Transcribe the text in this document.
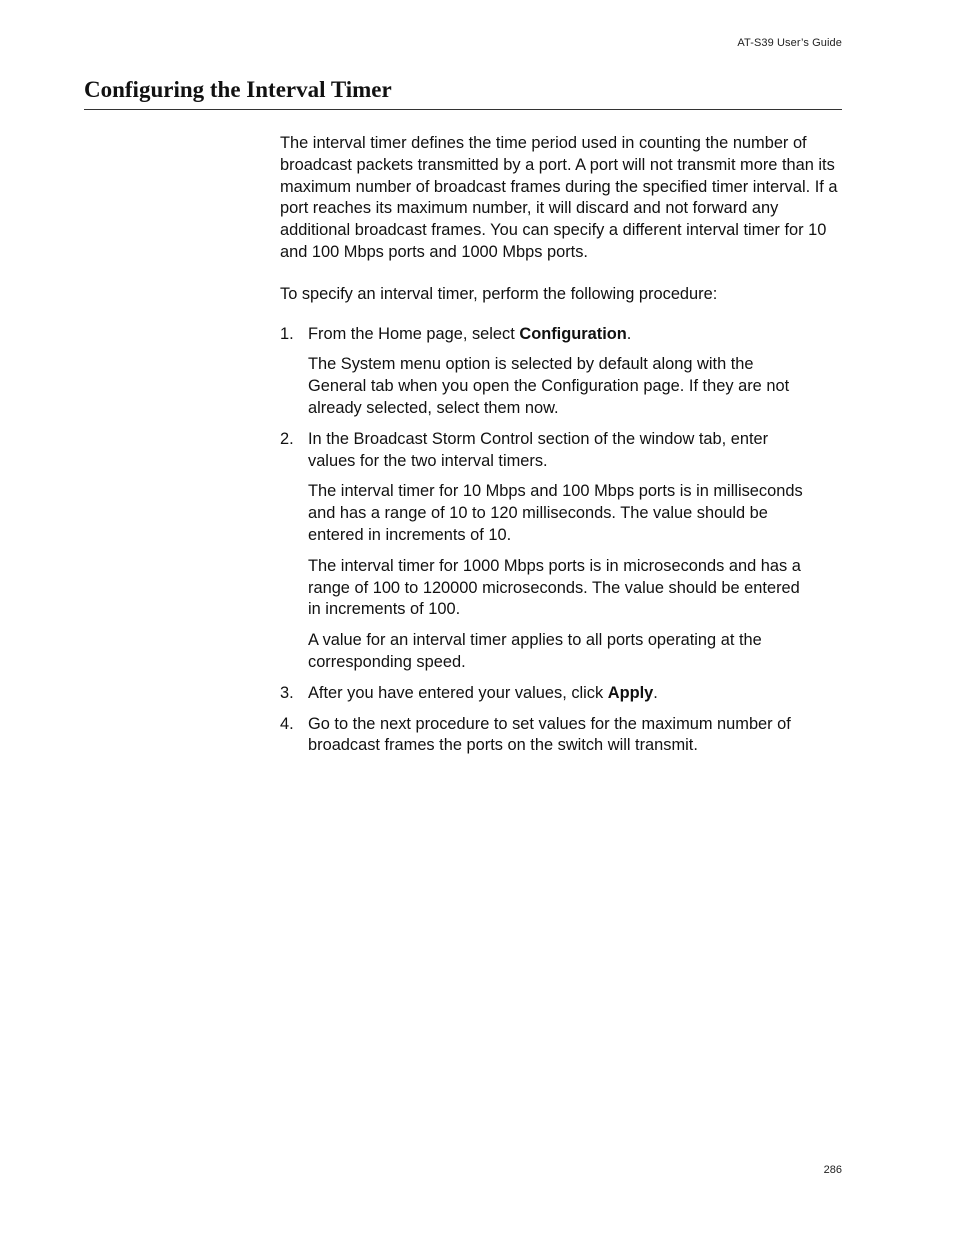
AT-S39 User’s Guide
Configuring the Interval Timer

The interval timer defines the time period used in counting the number of broadcast packets transmitted by a port. A port will not transmit more than its maximum number of broadcast frames during the specified timer interval. If a port reaches its maximum number, it will discard and not forward any additional broadcast frames. You can specify a different interval timer for 10 and 100 Mbps ports and 1000 Mbps ports.

To specify an interval timer, perform the following procedure:

1. From the Home page, select Configuration.

The System menu option is selected by default along with the General tab when you open the Configuration page. If they are not already selected, select them now.

2. In the Broadcast Storm Control section of the window tab, enter values for the two interval timers.

The interval timer for 10 Mbps and 100 Mbps ports is in milliseconds and has a range of 10 to 120 milliseconds. The value should be entered in increments of 10.

The interval timer for 1000 Mbps ports is in microseconds and has a range of 100 to 120000 microseconds. The value should be entered in increments of 100.

A value for an interval timer applies to all ports operating at the corresponding speed.

3. After you have entered your values, click Apply.

4. Go to the next procedure to set values for the maximum number of broadcast frames the ports on the switch will transmit.

286
